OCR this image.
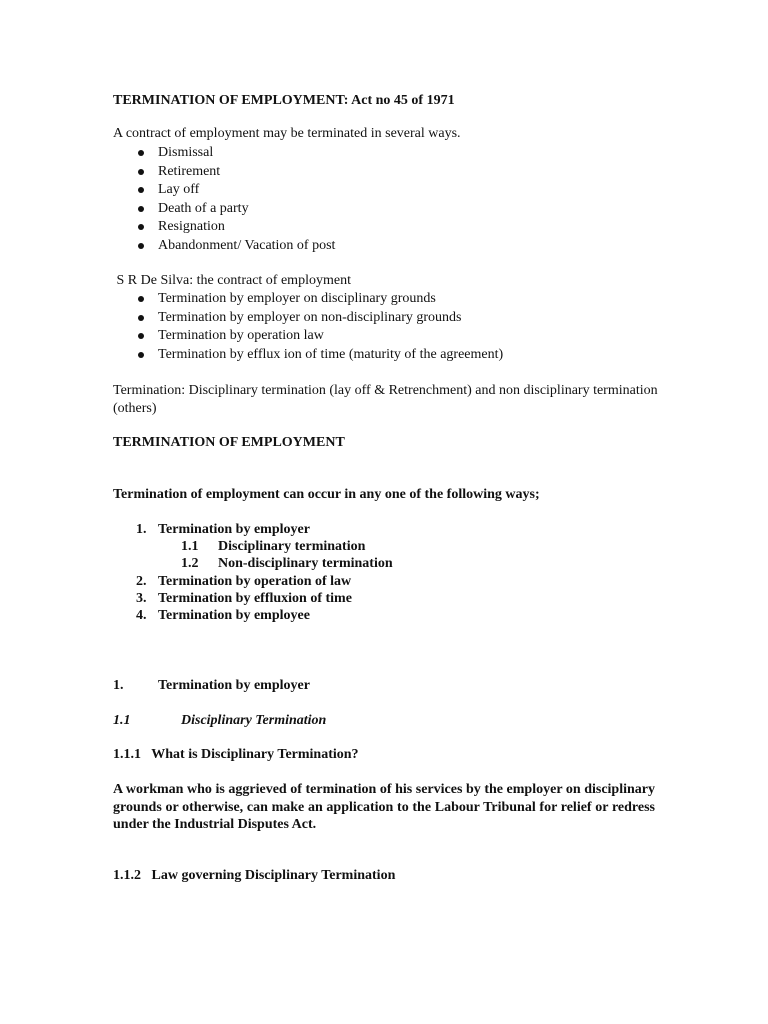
TERMINATION OF EMPLOYMENT: Act no 45 of 1971
A contract of employment may be terminated in several ways.
Dismissal
Retirement
Lay off
Death of a party
Resignation
Abandonment/ Vacation of post
S R De Silva: the contract of employment
Termination by employer on disciplinary grounds
Termination by employer on non-disciplinary grounds
Termination by operation law
Termination by efflux ion of time (maturity of the agreement)
Termination: Disciplinary termination (lay off & Retrenchment) and non disciplinary termination (others)
TERMINATION OF EMPLOYMENT
Termination of employment can occur in any one of the following ways;
1. Termination by employer
1.1 Disciplinary termination
1.2 Non-disciplinary termination
2. Termination by operation of law
3. Termination by effluxion of time
4. Termination by employee
1. Termination by employer
1.1	Disciplinary Termination
1.1.1   What is Disciplinary Termination?
A workman who is aggrieved of termination of his services by the employer on disciplinary grounds or otherwise, can make an application to the Labour Tribunal for relief or redress under the Industrial Disputes Act.
1.1.2   Law governing Disciplinary Termination
